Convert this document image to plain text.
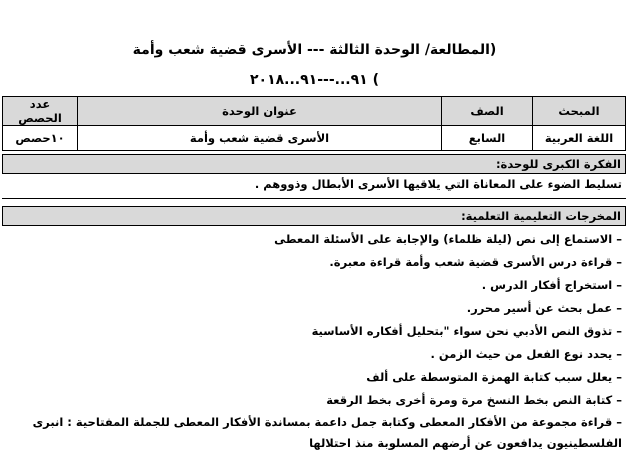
(المطالعة/ الوحدة الثالثة --- الأسرى قضية شعب وأمة
) ٩١...---٩١...٢٠١٨
المبحث	الصف	عنوان الوحدة	عدد الحصص
اللغة العربية	السابع	الأسرى قضية شعب وأمة	١٠حصص
الفكرة الكبرى للوحدة:
تسليط الضوء على المعاناة التي يلاقيها الأسرى الأبطال وذووهم .
المخرجات التعليمية التعلمية:
–الاستماع إلى نص (ليلة ظلماء) والإجابة على الأسئلة المعطى
–قراءة درس الأسرى قضية شعب وأمة قراءة معبرة.
–استخراج أفكار الدرس .
–عمل بحث عن أسير محرر.
–تذوق النص الأدبي نحن سواء "بتحليل أفكاره الأساسية
–يحدد نوع الفعل من حيث الزمن .
–يعلل سبب كتابة الهمزة المتوسطة على ألف
–كتابة النص بخط النسخ مرة ومرة أخرى بخط الرقعة
–قراءة مجموعة من الأفكار المعطى وكتابة جمل داعمة بمساندة الأفكار المعطى للجملة المفتاحية : انبرى الفلسطينيون يدافعون عن أرضهم المسلوبة منذ احتلالها
